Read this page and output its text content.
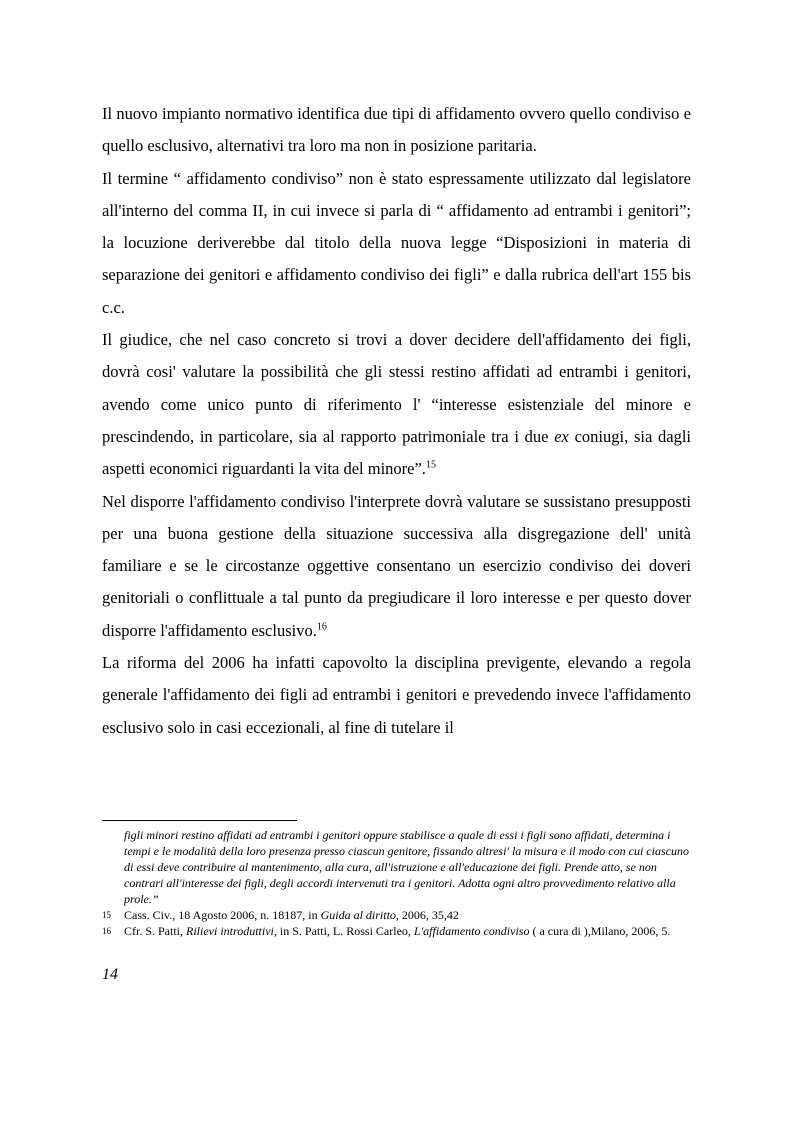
Il nuovo impianto normativo identifica due tipi di affidamento ovvero quello condiviso e quello esclusivo, alternativi tra loro ma non in posizione paritaria.

Il termine “ affidamento condiviso” non è stato espressamente utilizzato dal legislatore all'interno del comma II, in cui invece si parla di “ affidamento ad entrambi i genitori”; la locuzione deriverebbe dal titolo della nuova legge “Disposizioni in materia di separazione dei genitori e affidamento condiviso dei figli” e dalla rubrica dell'art 155 bis c.c.

Il giudice, che nel caso concreto si trovi a dover decidere dell'affidamento dei figli, dovrà cosi' valutare la possibilità che gli stessi restino affidati ad entrambi i genitori, avendo come unico punto di riferimento l' “interesse esistenziale del minore e prescindendo, in particolare, sia al rapporto patrimoniale tra i due ex coniugi, sia dagli aspetti economici riguardanti la vita del minore”.$^{15}$

Nel disporre l'affidamento condiviso l'interprete dovrà valutare se sussistano presupposti per una buona gestione della situazione successiva alla disgregazione dell' unità familiare e se le circostanze oggettive consentano un esercizio condiviso dei doveri genitoriali o conflittuale a tal punto da pregiudicare il loro interesse e per questo dover disporre l'affidamento esclusivo.$^{16}$

La riforma del 2006 ha infatti capovolto la disciplina previgente, elevando a regola generale l'affidamento dei figli ad entrambi i genitori e prevedendo invece l'affidamento esclusivo solo in casi eccezionali, al fine di tutelare il

figli minori restino affidati ad entrambi i genitori oppure stabilisce a quale di essi i figli sono affidati, determina i tempi e le modalità della loro presenza presso ciascun genitore, fissando altresi' la misura e il modo con cui ciascuno di essi deve contribuire al mantenimento, alla cura, all'istruzione e all'educazione dei figli. Prende atto, se non contrari all'interesse dei figli, degli accordi intervenuti tra i genitori. Adotta ogni altro provvedimento relativo alla prole.”

15	Cass. Civ., 18 Agosto 2006, n. 18187, in Guida al diritto, 2006, 35,42
16	Cfr. S. Patti, Rilievi introduttivi, in S. Patti, L. Rossi Carleo, L'affidamento condiviso ( a cura di ),Milano, 2006, 5.
14
